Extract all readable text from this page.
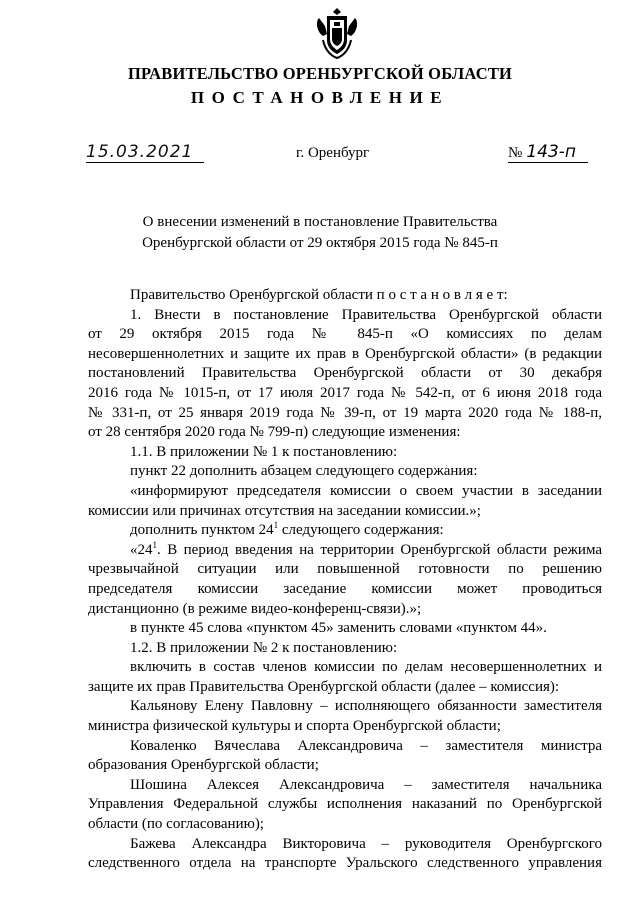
ПРАВИТЕЛЬСТВО ОРЕНБУРГСКОЙ ОБЛАСТИ
ПОСТАНОВЛЕНИЕ
15.03.2021	г. Оренбург	№ 143-п
О внесении изменений в постановление Правительства
Оренбургской области от 29 октября 2015 года № 845-п

Правительство Оренбургской области п о с т а н о в л я е т:

1. Внести в постановление Правительства Оренбургской области

от 29 октября 2015 года № 845-п «О комиссиях по делам

несовершеннолетних и защите их прав в Оренбургской области» (в редакции

постановлений Правительства Оренбургской области от 30 декабря

2016 года № 1015-п, от 17 июля 2017 года № 542-п, от 6 июня 2018 года

№ 331-п, от 25 января 2019 года № 39-п, от 19 марта 2020 года № 188-п,

от 28 сентября 2020 года № 799-п) следующие изменения:

1.1. В приложении № 1 к постановлению:

пункт 22 дополнить абзацем следующего содержания:

«информируют председателя комиссии о своем участии в заседании

комиссии или причинах отсутствия на заседании комиссии.»;

дополнить пунктом $24^1$ следующего содержания:

«$24^1$. В период введения на территории Оренбургской области режима

чрезвычайной ситуации или повышенной готовности по решению

председателя комиссии заседание комиссии может проводиться

дистанционно (в режиме видео-конференц-связи).»;

в пункте 45 слова «пунктом 45» заменить словами «пунктом 44».

1.2. В приложении № 2 к постановлению:

включить в состав членов комиссии по делам несовершеннолетних и

защите их прав Правительства Оренбургской области (далее – комиссия):

Кальянову Елену Павловну – исполняющего обязанности заместителя

министра физической культуры и спорта Оренбургской области;

Коваленко Вячеслава Александровича – заместителя министра

образования Оренбургской области;

Шошина Алексея Александровича – заместителя начальника

Управления Федеральной службы исполнения наказаний по Оренбургской

области (по согласованию);

Бажева Александра Викторовича – руководителя Оренбургского

следственного отдела на транспорте Уральского следственного управления
